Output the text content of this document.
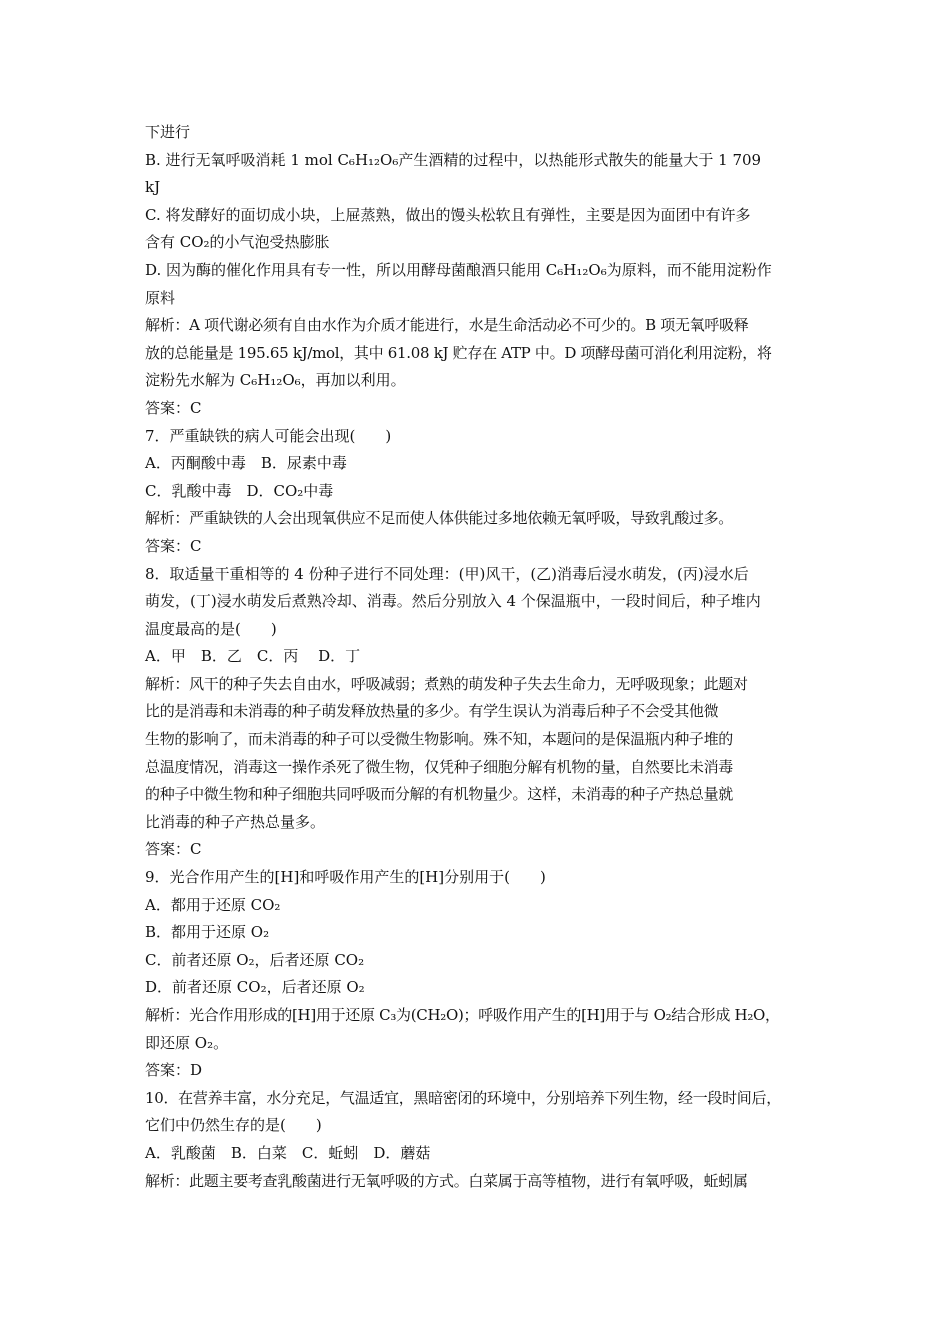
下进行
B. 进行无氧呼吸消耗 1 mol C₆H₁₂O₆产生酒精的过程中，以热能形式散失的能量大于 1 709
kJ
C. 将发酵好的面切成小块，上屉蒸熟，做出的馒头松软且有弹性，主要是因为面团中有许多
含有 CO₂的小气泡受热膨胀
D. 因为酶的催化作用具有专一性，所以用酵母菌酿酒只能用 C₆H₁₂O₆为原料，而不能用淀粉作
原料
解析：A 项代谢必须有自由水作为介质才能进行，水是生命活动必不可少的。B 项无氧呼吸释
放的总能量是 195.65 kJ/mol，其中 61.08 kJ 贮存在 ATP 中。D 项酵母菌可消化利用淀粉，将
淀粉先水解为 C₆H₁₂O₆，再加以利用。
答案：C
7．严重缺铁的病人可能会出现(　　)
A．丙酮酸中毒　B．尿素中毒
C．乳酸中毒　D．CO₂中毒
解析：严重缺铁的人会出现氧供应不足而使人体供能过多地依赖无氧呼吸，导致乳酸过多。
答案：C
8．取适量干重相等的 4 份种子进行不同处理：(甲)风干，(乙)消毒后浸水萌发，(丙)浸水后
萌发，(丁)浸水萌发后煮熟冷却、消毒。然后分别放入 4 个保温瓶中，一段时间后，种子堆内
温度最高的是(　　)
A．甲　B．乙　C．丙　 D．丁
解析：风干的种子失去自由水，呼吸减弱；煮熟的萌发种子失去生命力，无呼吸现象；此题对
比的是消毒和未消毒的种子萌发释放热量的多少。有学生误认为消毒后种子不会受其他微
生物的影响了，而未消毒的种子可以受微生物影响。殊不知，本题问的是保温瓶内种子堆的
总温度情况，消毒这一操作杀死了微生物，仅凭种子细胞分解有机物的量，自然要比未消毒
的种子中微生物和种子细胞共同呼吸而分解的有机物量少。这样，未消毒的种子产热总量就
比消毒的种子产热总量多。
答案：C
9．光合作用产生的[H]和呼吸作用产生的[H]分别用于(　　)
A．都用于还原 CO₂
B．都用于还原 O₂
C．前者还原 O₂，后者还原 CO₂
D．前者还原 CO₂，后者还原 O₂
解析：光合作用形成的[H]用于还原 C₃为(CH₂O)；呼吸作用产生的[H]用于与 O₂结合形成 H₂O，
即还原 O₂。
答案：D
10．在营养丰富，水分充足，气温适宜，黑暗密闭的环境中，分别培养下列生物，经一段时间后，
它们中仍然生存的是(　　)
A．乳酸菌　B．白菜　C．蚯蚓　D．蘑菇
解析：此题主要考查乳酸菌进行无氧呼吸的方式。白菜属于高等植物，进行有氧呼吸，蚯蚓属
